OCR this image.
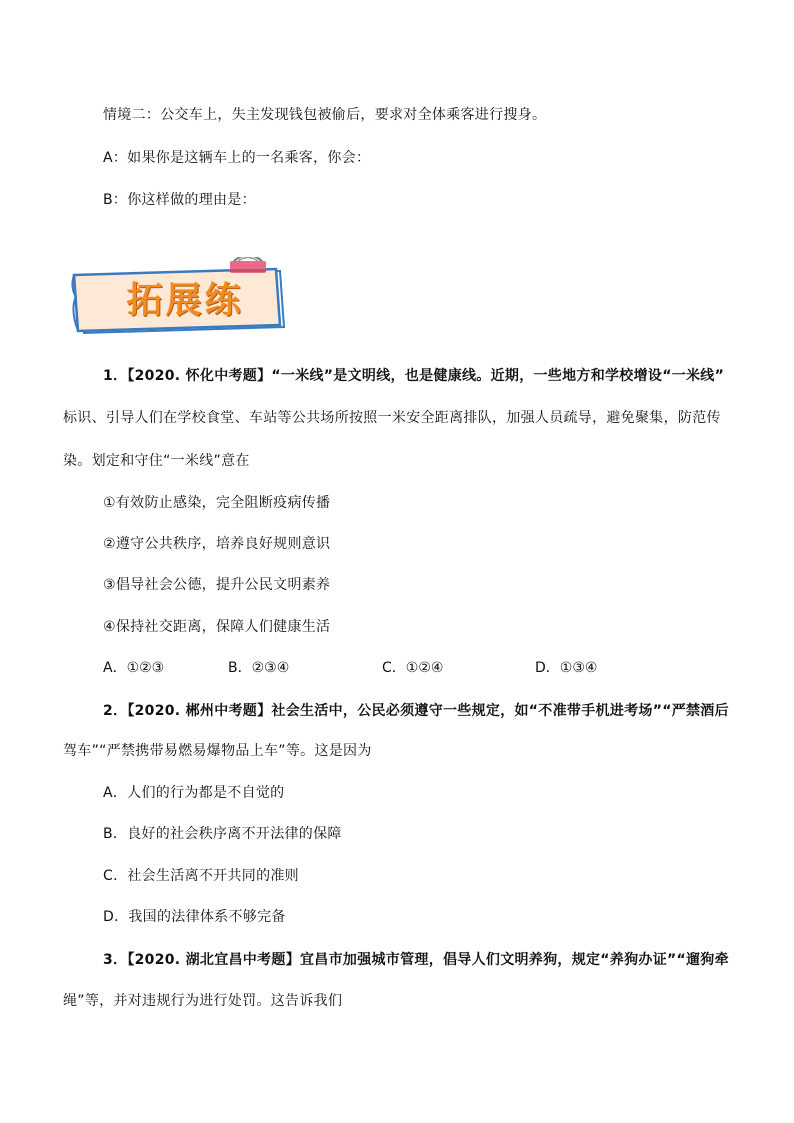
情境二：公交车上，失主发现钱包被偷后，要求对全体乘客进行搜身。
A：如果你是这辆车上的一名乘客，你会：
B：你这样做的理由是：
拓展练
1．【2020. 怀化中考题】“一米线”是文明线，也是健康线。近期，一些地方和学校增设“一米线”
标识、引导人们在学校食堂、车站等公共场所按照一米安全距离排队，加强人员疏导，避免聚集，防范传
染。划定和守住“一米线”意在
①有效防止感染，完全阻断疫病传播
②遵守公共秩序，培养良好规则意识
③倡导社会公德，提升公民文明素养
④保持社交距离，保障人们健康生活
A．①②③	B．②③④	C．①②④	D．①③④
2．【2020. 郴州中考题】社会生活中，公民必须遵守一些规定，如“不准带手机进考场”“严禁酒后
驾车”“严禁携带易燃易爆物品上车”等。这是因为
A．人们的行为都是不自觉的
B．良好的社会秩序离不开法律的保障
C．社会生活离不开共同的准则
D．我国的法律体系不够完备
3．【2020. 湖北宜昌中考题】宜昌市加强城市管理，倡导人们文明养狗，规定“养狗办证”“遛狗牵
绳”等，并对违规行为进行处罚。这告诉我们
